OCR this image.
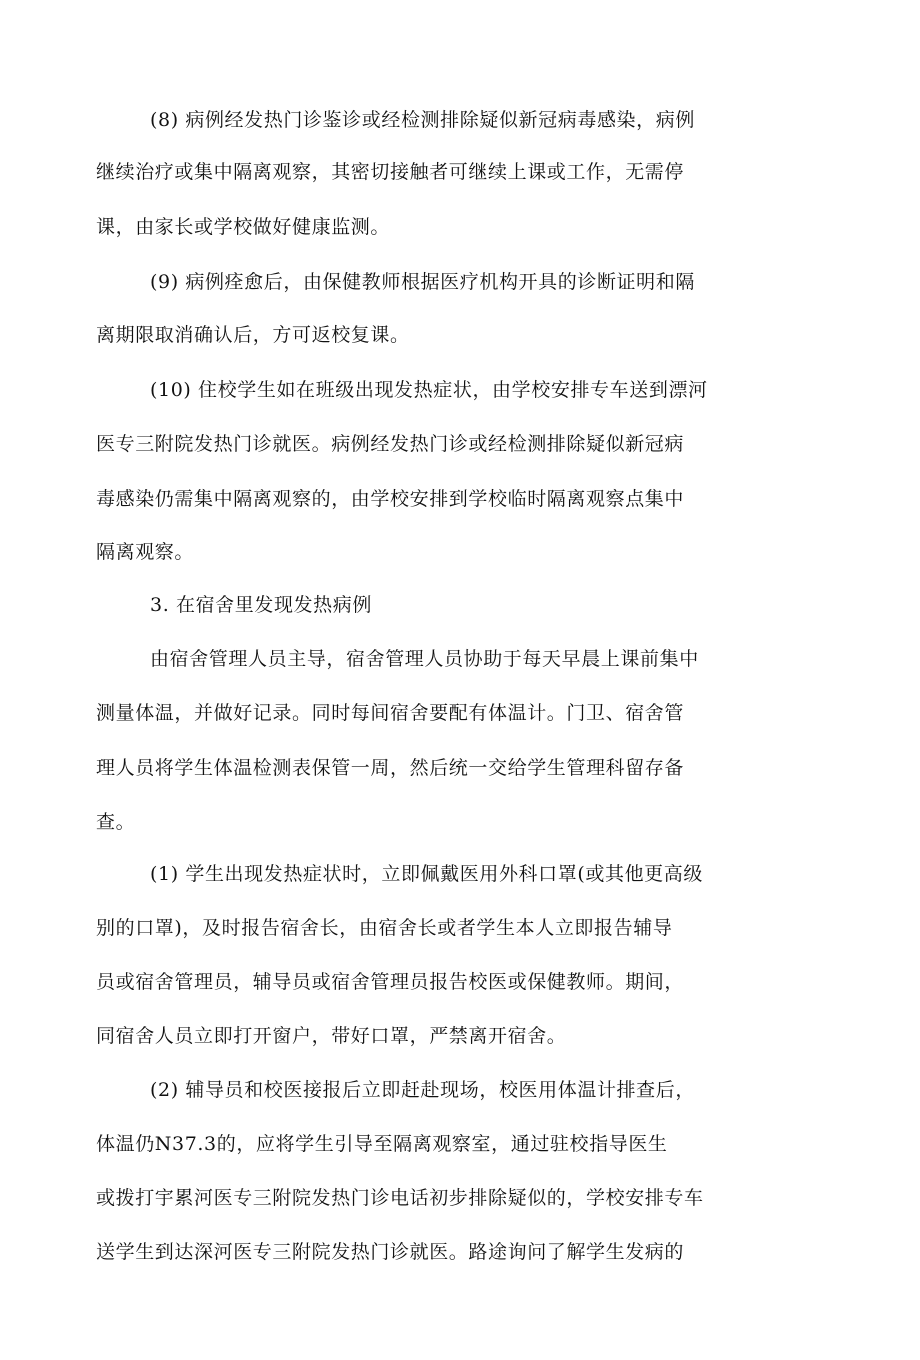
(8) 病例经发热门诊鉴诊或经检测排除疑似新冠病毒感染，病例
继续治疗或集中隔离观察，其密切接触者可继续上课或工作，无需停
课，由家长或学校做好健康监测。
(9) 病例痊愈后，由保健教师根据医疗机构开具的诊断证明和隔
离期限取消确认后，方可返校复课。
(10) 住校学生如在班级出现发热症状，由学校安排专车送到漂河
医专三附院发热门诊就医。病例经发热门诊或经检测排除疑似新冠病
毒感染仍需集中隔离观察的，由学校安排到学校临时隔离观察点集中
隔离观察。
3. 在宿舍里发现发热病例
由宿舍管理人员主导，宿舍管理人员协助于每天早晨上课前集中
测量体温，并做好记录。同时每间宿舍要配有体温计。门卫、宿舍管
理人员将学生体温检测表保管一周，然后统一交给学生管理科留存备
查。
(1) 学生出现发热症状时，立即佩戴医用外科口罩(或其他更高级
别的口罩)，及时报告宿舍长，由宿舍长或者学生本人立即报告辅导
员或宿舍管理员，辅导员或宿舍管理员报告校医或保健教师。期间，
同宿舍人员立即打开窗户，带好口罩，严禁离开宿舍。
(2) 辅导员和校医接报后立即赶赴现场，校医用体温计排查后，
体温仍N37.3的，应将学生引导至隔离观察室，通过驻校指导医生
或拨打宇累河医专三附院发热门诊电话初步排除疑似的，学校安排专车
送学生到达深河医专三附院发热门诊就医。路途询问了解学生发病的
